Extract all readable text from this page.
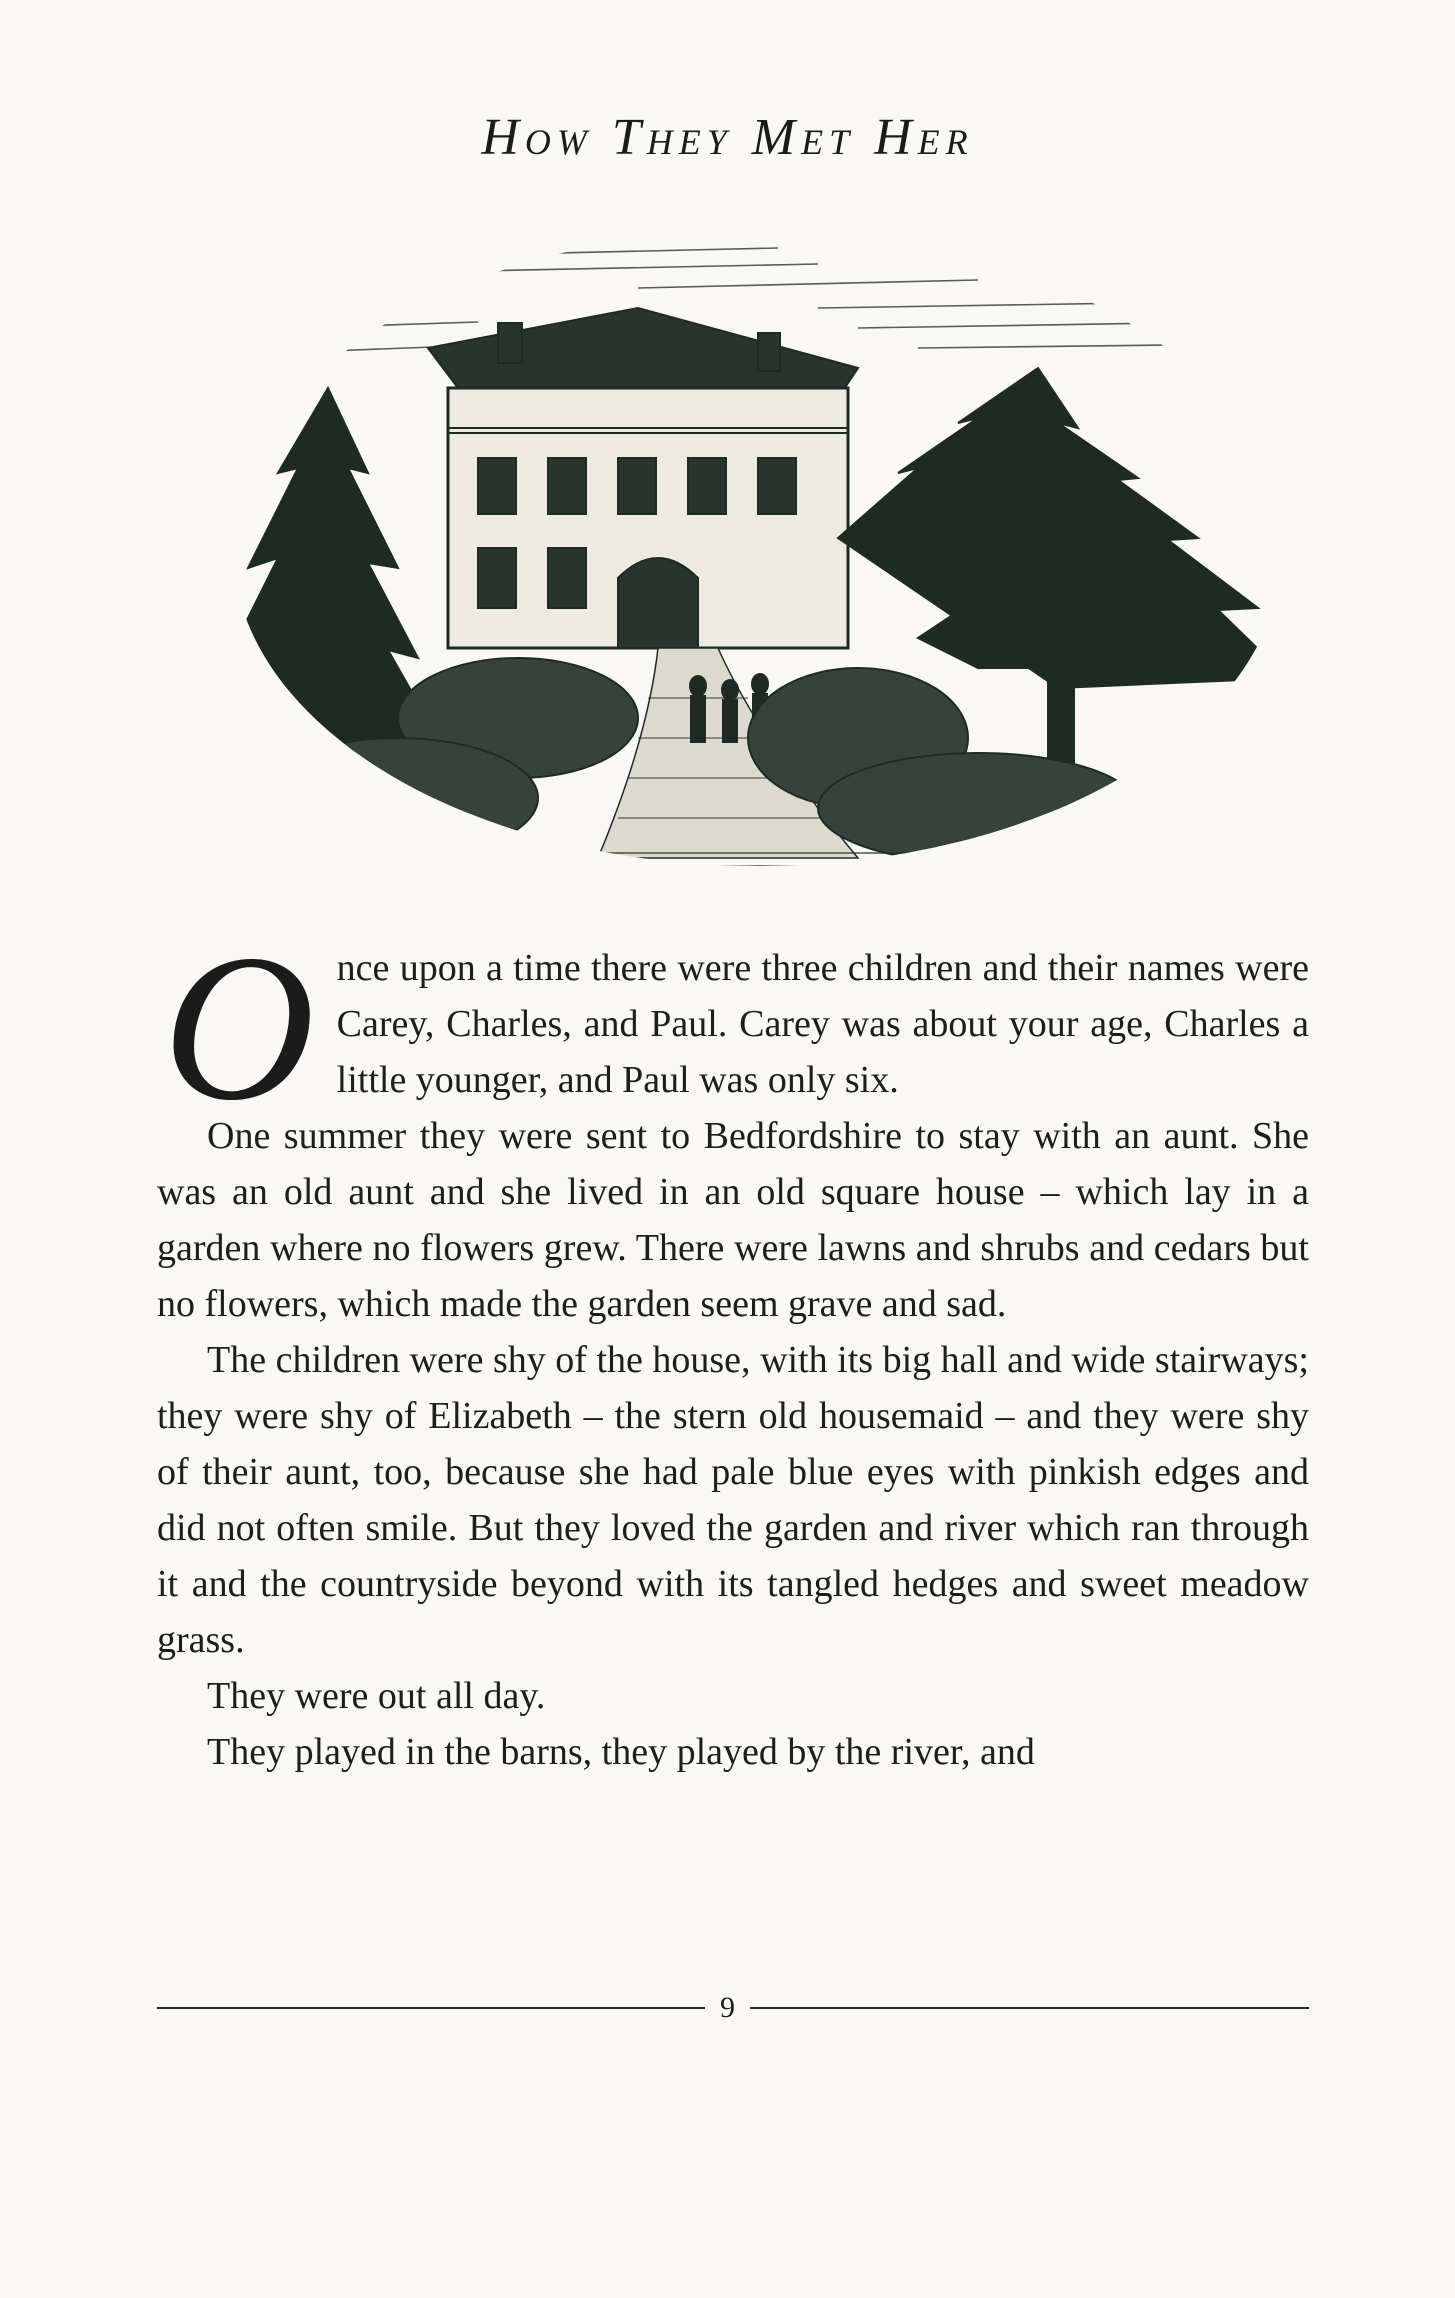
How They Met Her

Once upon a time there were three children and their names were Carey, Charles, and Paul. Carey was about your age, Charles a little younger, and Paul was only six.

One summer they were sent to Bedfordshire to stay with an aunt. She was an old aunt and she lived in an old square house – which lay in a garden where no flowers grew. There were lawns and shrubs and cedars but no flowers, which made the garden seem grave and sad.

The children were shy of the house, with its big hall and wide stairways; they were shy of Elizabeth – the stern old housemaid – and they were shy of their aunt, too, because she had pale blue eyes with pinkish edges and did not often smile. But they loved the garden and river which ran through it and the countryside beyond with its tangled hedges and sweet meadow grass.

They were out all day.

They played in the barns, they played by the river, and

9
